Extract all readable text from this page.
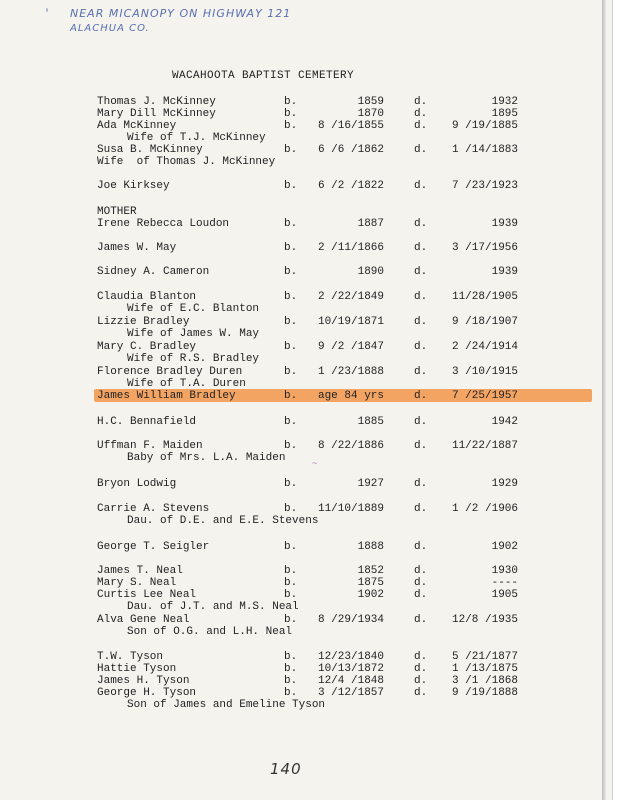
' NEAR MICANOPY ON HIGHWAY 121
ALACHUA CO.
WACAHOOTA BAPTIST CEMETERY
~
Thomas J. McKinney	b.	1859	d.	1932
Mary Dill McKinney	b.	1870	d.	1895
Ada McKinney	b.	8 /16/1855	d.	9 /19/1885
Wife of T.J. McKinney
Susa B. McKinney	b.	6 /6 /1862	d.	1 /14/1883
Wife  of Thomas J. McKinney
Joe Kirksey	b.	6 /2 /1822	d.	7 /23/1923
MOTHER
Irene Rebecca Loudon	b.	1887	d.	1939
James W. May	b.	2 /11/1866	d.	3 /17/1956
Sidney A. Cameron	b.	1890	d.	1939
Claudia Blanton	b.	2 /22/1849	d.	11/28/1905
Wife of E.C. Blanton
Lizzie Bradley	b.	10/19/1871	d.	9 /18/1907
Wife of James W. May
Mary C. Bradley	b.	9 /2 /1847	d.	2 /24/1914
Wife of R.S. Bradley
Florence Bradley Duren	b.	1 /23/1888	d.	3 /10/1915
Wife of T.A. Duren
James William Bradley	b.	age 84 yrs	d.	7 /25/1957
H.C. Bennafield	b.	1885	d.	1942
Uffman F. Maiden	b.	8 /22/1886	d.	11/22/1887
Baby of Mrs. L.A. Maiden
Bryon Lodwig	b.	1927	d.	1929
Carrie A. Stevens	b.	11/10/1889	d.	1 /2 /1906
Dau. of D.E. and E.E. Stevens
George T. Seigler	b.	1888	d.	1902
James T. Neal	b.	1852	d.	1930
Mary S. Neal	b.	1875	d.	----
Curtis Lee Neal	b.	1902	d.	1905
Dau. of J.T. and M.S. Neal
Alva Gene Neal	b.	8 /29/1934	d.	12/8 /1935
Son of O.G. and L.H. Neal
T.W. Tyson	b.	12/23/1840	d.	5 /21/1877
Hattie Tyson	b.	10/13/1872	d.	1 /13/1875
James H. Tyson	b.	12/4 /1848	d.	3 /1 /1868
George H. Tyson	b.	3 /12/1857	d.	9 /19/1888
Son of James and Emeline Tyson
140
